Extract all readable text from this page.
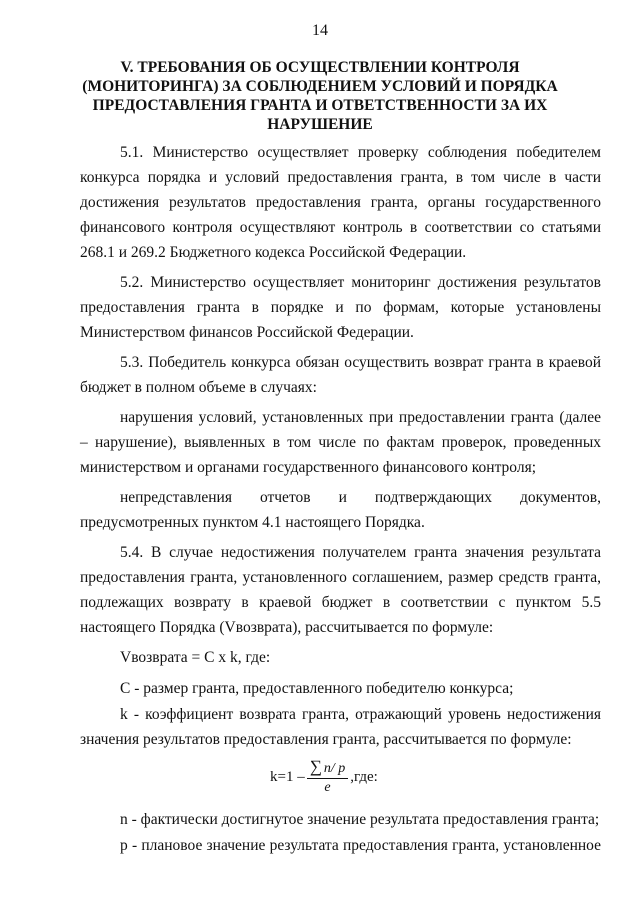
14
V. ТРЕБОВАНИЯ ОБ ОСУЩЕСТВЛЕНИИ КОНТРОЛЯ
(МОНИТОРИНГА) ЗА СОБЛЮДЕНИЕМ УСЛОВИЙ И ПОРЯДКА
ПРЕДОСТАВЛЕНИЯ ГРАНТА И ОТВЕТСТВЕННОСТИ ЗА ИХ
НАРУШЕНИЕ

5.1. Министерство осуществляет проверку соблюдения победителем конкурса порядка и условий предоставления гранта, в том числе в части достижения результатов предоставления гранта, органы государственного финансового контроля осуществляют контроль в соответствии со статьями 268.1 и 269.2 Бюджетного кодекса Российской Федерации.

5.2. Министерство осуществляет мониторинг достижения результатов предоставления гранта в порядке и по формам, которые установлены Министерством финансов Российской Федерации.

5.3. Победитель конкурса обязан осуществить возврат гранта в краевой бюджет в полном объеме в случаях:

нарушения условий, установленных при предоставлении гранта (далее – нарушение), выявленных в том числе по фактам проверок, проведенных министерством и органами государственного финансового контроля;

непредставления отчетов и подтверждающих документов, предусмотренных пунктом 4.1 настоящего Порядка.

5.4. В случае недостижения получателем гранта значения результата предоставления гранта, установленного соглашением, размер средств гранта, подлежащих возврату в краевой бюджет в соответствии с пунктом 5.5 настоящего Порядка (Vвозврата), рассчитывается по формуле:

Vвозврата = C x k, где:

C - размер гранта, предоставленного победителю конкурса;

k - коэффициент возврата гранта, отражающий уровень недостижения значения результатов предоставления гранта, рассчитывается по формуле:

$k=1 - \frac{\sum n/ p}{e} ,где$:

n - фактически достигнутое значение результата предоставления гранта;

p - плановое значение результата предоставления гранта, установленное
